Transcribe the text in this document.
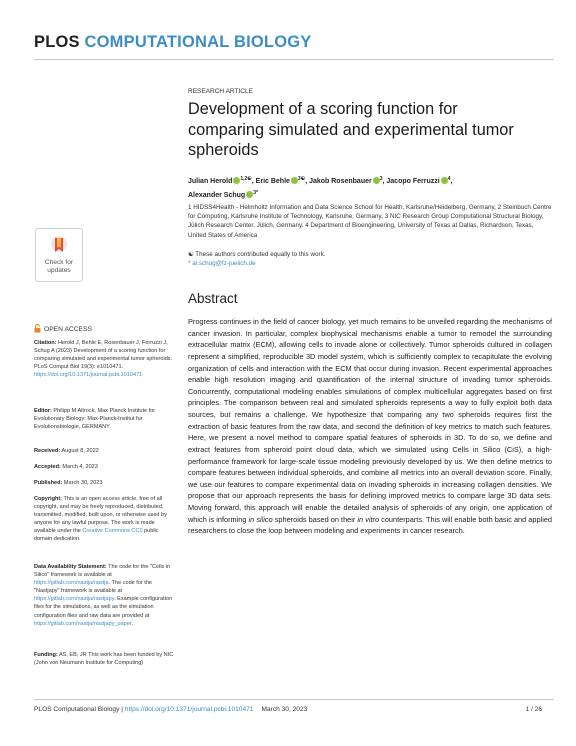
PLOS COMPUTATIONAL BIOLOGY
RESEARCH ARTICLE
Development of a scoring function for comparing simulated and experimental tumor spheroids
Julian Herold $^{1,2☯}$, Eric Behle $^{3☯}$, Jakob Rosenbauer $^3$, Jacopo Ferruzzi $^4$,
Alexander Schug $^{3*}$
1 HIDSS4Health - Helmholtz Information and Data Science School for Health, Karlsruhe/Heidelberg, Germany, 2 Steinbuch Centre for Computing, Karlsruhe Institute of Technology, Karlsruhe, Germany, 3 NIC Research Group Computational Structural Biology, Jülich Research Center, Jülich, Germany, 4 Department of Bioengineering, University of Texas at Dallas, Richardson, Texas, United States of America
☯ These authors contributed equally to this work.
* al.schug@fz-juelich.de
Check for
updates
Abstract
Progress continues in the field of cancer biology, yet much remains to be unveiled regarding the mechanisms of cancer invasion. In particular, complex biophysical mechanisms enable a tumor to remodel the surrounding extracellular matrix (ECM), allowing cells to invade alone or collectively. Tumor spheroids cultured in collagen represent a simplified, reproducible 3D model system, which is sufficiently complex to recapitulate the evolving organization of cells and interaction with the ECM that occur during invasion. Recent experimental approaches enable high resolution imaging and quantification of the internal structure of invading tumor spheroids. Concurrently, computational modeling enables simulations of complex multicellular aggregates based on first principles. The comparison between real and simulated spheroids represents a way to fully exploit both data sources, but remains a challenge. We hypothesize that comparing any two spheroids requires first the extraction of basic features from the raw data, and second the definition of key metrics to match such features. Here, we present a novel method to compare spatial features of spheroids in 3D. To do so, we define and extract features from spheroid point cloud data, which we simulated using Cells in Silico (CiS), a high-performance framework for large-scale tissue modeling previously developed by us. We then define metrics to compare features between individual spheroids, and combine all metrics into an overall deviation score. Finally, we use our features to compare experimental data on invading spheroids in increasing collagen densities. We propose that our approach represents the basis for defining improved metrics to compare large 3D data sets. Moving forward, this approach will enable the detailed analysis of spheroids of any origin, one application of which is informing in silico spheroids based on their in vitro counterparts. This will enable both basic and applied researchers to close the loop between modeling and experiments in cancer research.
OPEN ACCESS
Citation: Herold J, Behle E, Rosenbauer J, Ferruzzi J, Schug A (2023) Development of a scoring function for comparing simulated and experimental tumor spheroids. PLoS Comput Biol 19(3): e1010471. https://doi.org/10.1371/journal.pcbi.1010471
Editor: Philipp M Altrock, Max Planck Institute for Evolutionary Biology: Max-Planck-Institut fur Evolutionsbiologie, GERMANY
Received: August 8, 2022
Accepted: March 4, 2023
Published: March 30, 2023
Copyright: This is an open access article, free of all copyright, and may be freely reproduced, distributed, transmitted, modified, built upon, or otherwise used by anyone for any lawful purpose. The work is made available under the Creative Commons CC0 public domain dedication.
Data Availability Statement: The code for the "Cells in Silico" framework is available at https://gitlab.com/nastja/nastja. The code for the "Nastjapy" framework is available at https://gitlab.com/nastja/nastjapy. Example configuration files for the simulations, as well as the simulation configuration files and raw data are provided at https://gitlab.com/nastja/nastjapy_paper.
Funding: AS, EB, JR This work has been funded by NIC (John von Neumann Institute for Computing)
PLOS Computational Biology | https://doi.org/10.1371/journal.pcbi.1010471 March 30, 2023	1 / 26
